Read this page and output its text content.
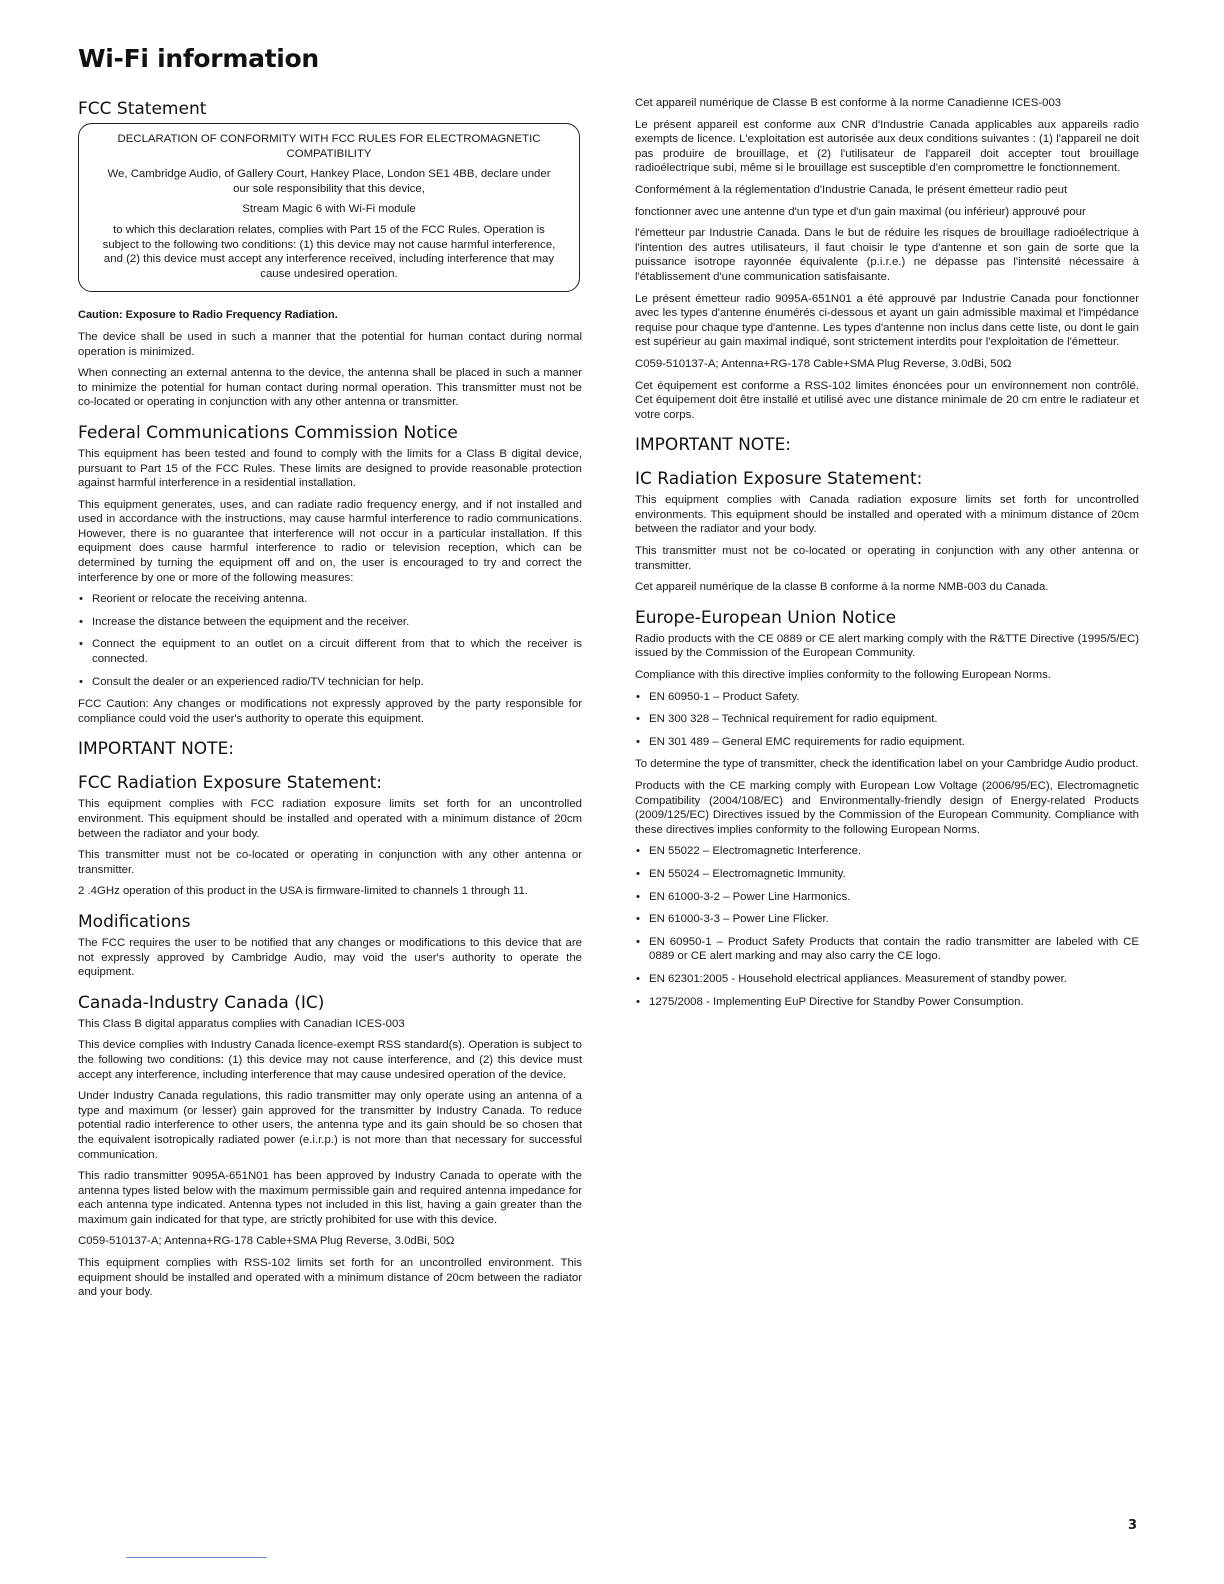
Wi-Fi information
FCC Statement

DECLARATION OF CONFORMITY WITH FCC RULES FOR ELECTROMAGNETIC COMPATIBILITY

We, Cambridge Audio, of Gallery Court, Hankey Place, London SE1 4BB, declare under our sole responsibility that this device,

Stream Magic 6 with Wi-Fi module

to which this declaration relates, complies with Part 15 of the FCC Rules. Operation is subject to the following two conditions: (1) this device may not cause harmful interference, and (2) this device must accept any interference received, including interference that may cause undesired operation.

Caution: Exposure to Radio Frequency Radiation.

The device shall be used in such a manner that the potential for human contact during normal operation is minimized.

When connecting an external antenna to the device, the antenna shall be placed in such a manner to minimize the potential for human contact during normal operation. This transmitter must not be co-located or operating in conjunction with any other antenna or transmitter.

Federal Communications Commission Notice

This equipment has been tested and found to comply with the limits for a Class B digital device, pursuant to Part 15 of the FCC Rules. These limits are designed to provide reasonable protection against harmful interference in a residential installation.

This equipment generates, uses, and can radiate radio frequency energy, and if not installed and used in accordance with the instructions, may cause harmful interference to radio communications. However, there is no guarantee that interference will not occur in a particular installation. If this equipment does cause harmful interference to radio or television reception, which can be determined by turning the equipment off and on, the user is encouraged to try and correct the interference by one or more of the following measures:

• Reorient or relocate the receiving antenna.
• Increase the distance between the equipment and the receiver.
• Connect the equipment to an outlet on a circuit different from that to which the receiver is connected.
• Consult the dealer or an experienced radio/TV technician for help.

FCC Caution: Any changes or modifications not expressly approved by the party responsible for compliance could void the user's authority to operate this equipment.

IMPORTANT NOTE:
FCC Radiation Exposure Statement:

This equipment complies with FCC radiation exposure limits set forth for an uncontrolled environment. This equipment should be installed and operated with a minimum distance of 20cm between the radiator and your body.

This transmitter must not be co-located or operating in conjunction with any other antenna or transmitter.

2 .4GHz operation of this product in the USA is firmware-limited to channels 1 through 11.

Modifications

The FCC requires the user to be notified that any changes or modifications to this device that are not expressly approved by Cambridge Audio, may void the user's authority to operate the equipment.

Canada-Industry Canada (IC)

This Class B digital apparatus complies with Canadian ICES-003

This device complies with Industry Canada licence-exempt RSS standard(s). Operation is subject to the following two conditions: (1) this device may not cause interference, and (2) this device must accept any interference, including interference that may cause undesired operation of the device.

Under Industry Canada regulations, this radio transmitter may only operate using an antenna of a type and maximum (or lesser) gain approved for the transmitter by Industry Canada. To reduce potential radio interference to other users, the antenna type and its gain should be so chosen that the equivalent isotropically radiated power (e.i.r.p.) is not more than that necessary for successful communication.

This radio transmitter 9095A-651N01 has been approved by Industry Canada to operate with the antenna types listed below with the maximum permissible gain and required antenna impedance for each antenna type indicated. Antenna types not included in this list, having a gain greater than the maximum gain indicated for that type, are strictly prohibited for use with this device.

C059-510137-A; Antenna+RG-178 Cable+SMA Plug Reverse, 3.0dBi, 50Ω

This equipment complies with RSS-102 limits set forth for an uncontrolled environment. This equipment should be installed and operated with a minimum distance of 20cm between the radiator and your body.

Cet appareil numérique de Classe B est conforme à la norme Canadienne ICES-003

Le présent appareil est conforme aux CNR d'Industrie Canada applicables aux appareils radio exempts de licence. L'exploitation est autorisée aux deux conditions suivantes : (1) l'appareil ne doit pas produire de brouillage, et (2) l'utilisateur de l'appareil doit accepter tout brouillage radioélectrique subi, même si le brouillage est susceptible d'en compromettre le fonctionnement.

Conformément à la réglementation d'Industrie Canada, le présent émetteur radio peut

fonctionner avec une antenne d'un type et d'un gain maximal (ou inférieur) approuvé pour

l'émetteur par Industrie Canada. Dans le but de réduire les risques de brouillage radioélectrique à l'intention des autres utilisateurs, il faut choisir le type d'antenne et son gain de sorte que la puissance isotrope rayonnée équivalente (p.i.r.e.) ne dépasse pas l'intensité nécessaire à l'établissement d'une communication satisfaisante.

Le présent émetteur radio 9095A-651N01 a été approuvé par Industrie Canada pour fonctionner avec les types d'antenne énumérés ci-dessous et ayant un gain admissible maximal et l'impédance requise pour chaque type d'antenne. Les types d'antenne non inclus dans cette liste, ou dont le gain est supérieur au gain maximal indiqué, sont strictement interdits pour l'exploitation de l'émetteur.

C059-510137-A; Antenna+RG-178 Cable+SMA Plug Reverse, 3.0dBi, 50Ω

Cet équipement est conforme a RSS-102 limites énoncées pour un environnement non contrôlé. Cet équipement doit être installé et utilisé avec une distance minimale de 20 cm entre le radiateur et votre corps.

IMPORTANT NOTE:
IC Radiation Exposure Statement:

This equipment complies with Canada radiation exposure limits set forth for uncontrolled environments. This equipment should be installed and operated with a minimum distance of 20cm between the radiator and your body.

This transmitter must not be co-located or operating in conjunction with any other antenna or transmitter.

Cet appareil numérique de la classe B conforme á la norme NMB-003 du Canada.

Europe-European Union Notice

Radio products with the CE 0889 or CE alert marking comply with the R&TTE Directive (1995/5/EC) issued by the Commission of the European Community.

Compliance with this directive implies conformity to the following European Norms.

• EN 60950-1 – Product Safety.
• EN 300 328 – Technical requirement for radio equipment.
• EN 301 489 – General EMC requirements for radio equipment.

To determine the type of transmitter, check the identification label on your Cambridge Audio product.

Products with the CE marking comply with European Low Voltage (2006/95/EC), Electromagnetic Compatibility (2004/108/EC) and Environmentally-friendly design of Energy-related Products (2009/125/EC) Directives issued by the Commission of the European Community. Compliance with these directives implies conformity to the following European Norms.

• EN 55022 – Electromagnetic Interference.
• EN 55024 – Electromagnetic Immunity.
• EN 61000-3-2 – Power Line Harmonics.
• EN 61000-3-3 – Power Line Flicker.
• EN 60950-1 – Product Safety Products that contain the radio transmitter are labeled with CE 0889 or CE alert marking and may also carry the CE logo.
• EN 62301:2005 - Household electrical appliances. Measurement of standby power.
• 1275/2008 - Implementing EuP Directive for Standby Power Consumption.

3
